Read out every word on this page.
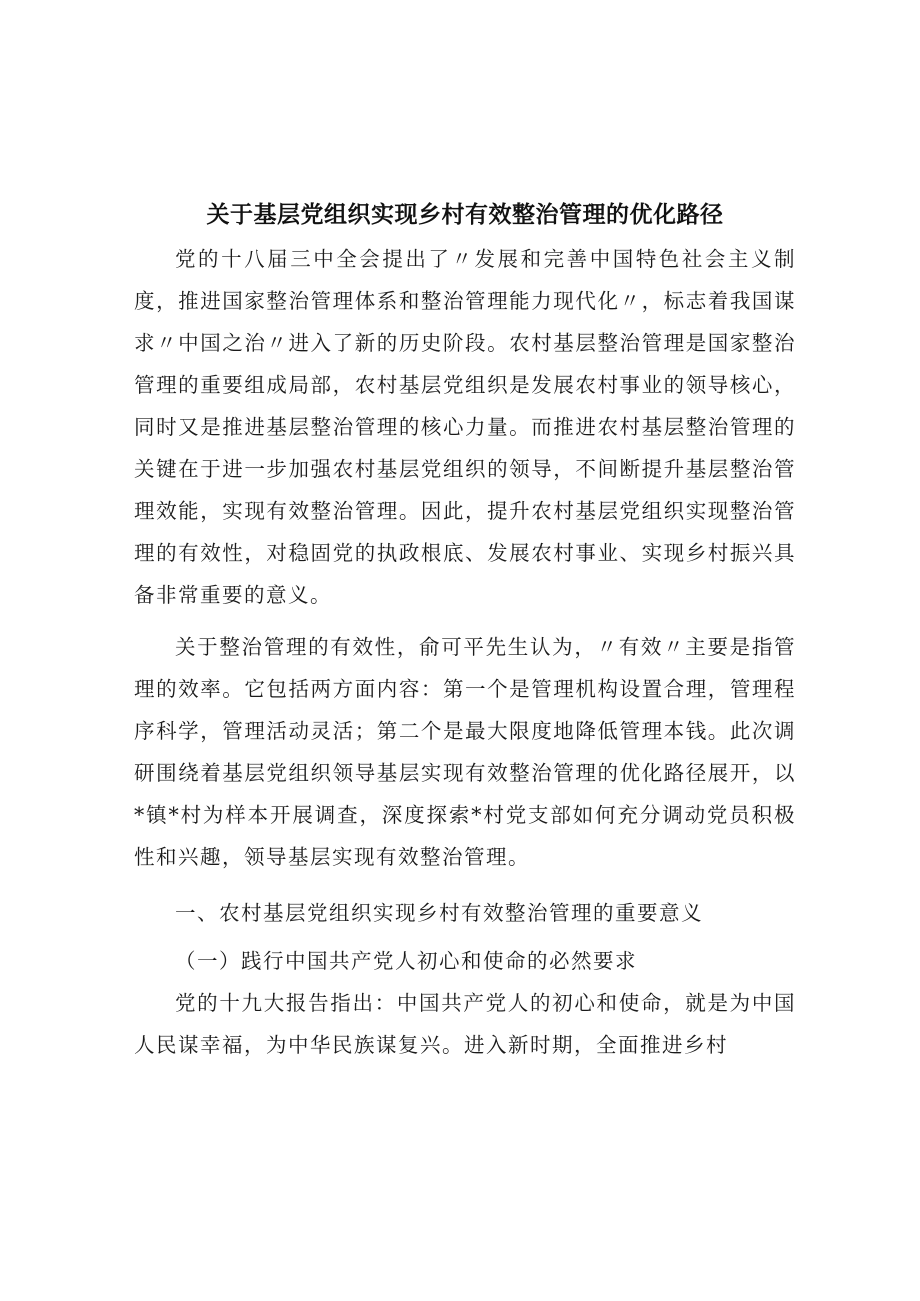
关于基层党组织实现乡村有效整治管理的优化路径

党的十八届三中全会提出了〃发展和完善中国特色社会主义制度，推进国家整治管理体系和整治管理能力现代化〃，标志着我国谋求〃中国之治〃进入了新的历史阶段。农村基层整治管理是国家整治管理的重要组成局部，农村基层党组织是发展农村事业的领导核心，同时又是推进基层整治管理的核心力量。而推进农村基层整治管理的关键在于进一步加强农村基层党组织的领导，不间断提升基层整治管理效能，实现有效整治管理。因此，提升农村基层党组织实现整治管理的有效性，对稳固党的执政根底、发展农村事业、实现乡村振兴具备非常重要的意义。

关于整治管理的有效性，俞可平先生认为，〃有效〃主要是指管理的效率。它包括两方面内容：第一个是管理机构设置合理，管理程序科学，管理活动灵活；第二个是最大限度地降低管理本钱。此次调研围绕着基层党组织领导基层实现有效整治管理的优化路径展开，以*镇*村为样本开展调查，深度探索*村党支部如何充分调动党员积极性和兴趣，领导基层实现有效整治管理。

一、农村基层党组织实现乡村有效整治管理的重要意义

（一）践行中国共产党人初心和使命的必然要求

党的十九大报告指出：中国共产党人的初心和使命，就是为中国人民谋幸福，为中华民族谋复兴。进入新时期，全面推进乡村
